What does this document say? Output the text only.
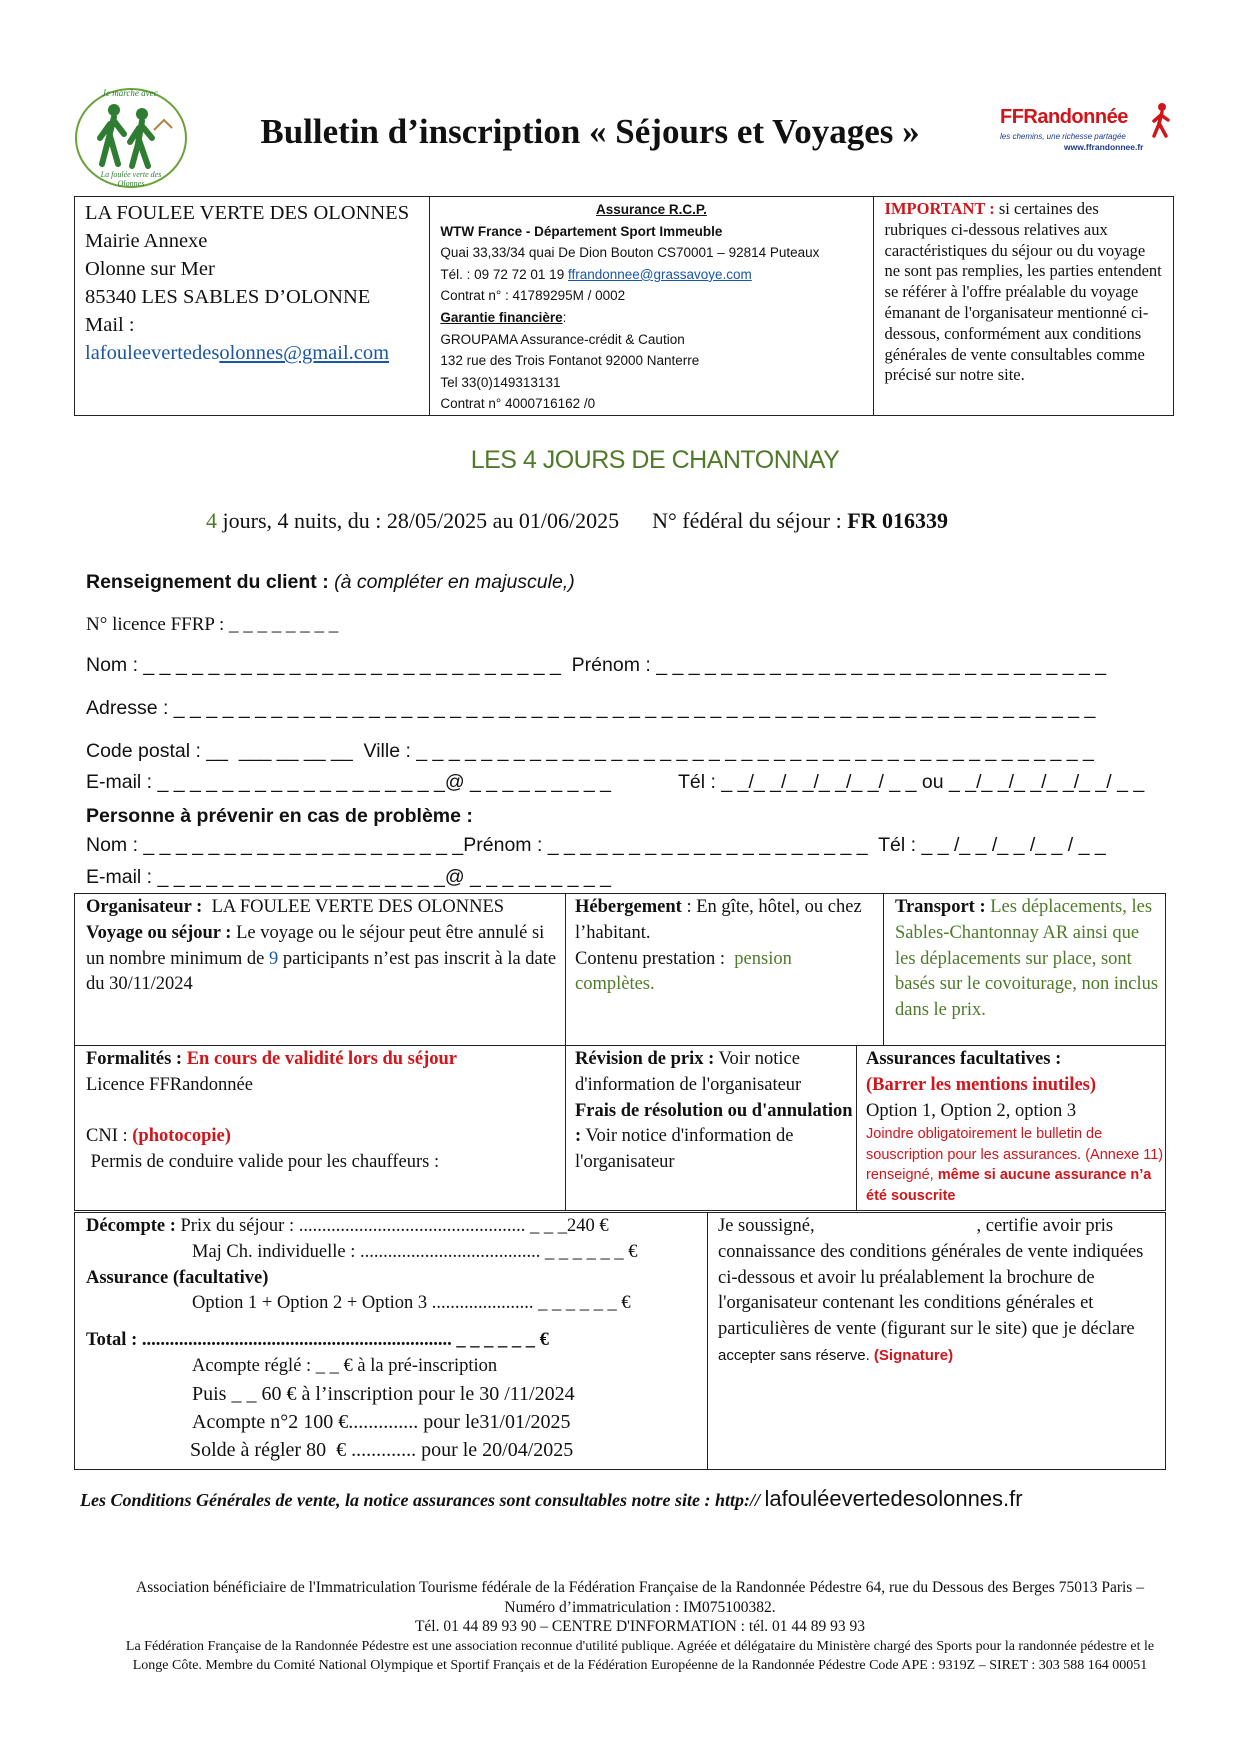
Je marche avec
La foulée verte des Olonnes
Bulletin d’inscription « Séjours et Voyages »	FFRandonnée
les chemins, une richesse partagée
www.ffrandonnee.fr
LA FOULEE VERTE DES OLONNES
Mairie Annexe
Olonne sur Mer
85340 LES SABLES D’OLONNE
Mail :
lafouleevertedesolonnes@gmail.com
Assurance R.C.P.
WTW France - Département Sport Immeuble
Quai 33,33/34 quai De Dion Bouton CS70001 – 92814 Puteaux
Tél. : 09 72 72 01 19 ffrandonnee@grassavoye.com
Contrat n° : 41789295M / 0002
Garantie financière:
GROUPAMA Assurance-crédit & Caution
132 rue des Trois Fontanot 92000 Nanterre
Tel 33(0)149313131
Contrat n° 4000716162 /0
IMPORTANT : si certaines des rubriques ci-dessous relatives aux caractéristiques du séjour ou du voyage ne sont pas remplies, les parties entendent se référer à l'offre préalable du voyage émanant de l'organisateur mentionné ci-dessous, conformément aux conditions générales de vente consultables comme précisé sur notre site.
LES 4 JOURS DE CHANTONNAY
4 jours, 4 nuits, du : 28/05/2025 au 01/06/2025      N° fédéral du séjour : FR 016339
Renseignement du client : (à compléter en majuscule,)
N° licence FFRP : _ _ _ _ _ _ _ _
Nom : _ _ _ _ _ _ _ _ _ _ _ _ _ _ _ _ _ _ _ _ _ _ _ _ _ _  Prénom : _ _ _ _ _ _ _ _ _ _ _ _ _ _ _ _ _ _ _ _ _ _ _ _ _ _ _ _
Adresse : _ _ _ _ _ _ _ _ _ _ _ _ _ _ _ _ _ _ _ _ _ _ _ _ _ _ _ _ _ _ _ _ _ _ _ _ _ _ _ _ _ _ _ _ _ _ _ _ _ _ _ _ _ _ _ _ _
Code postal : __  ___ __ __ __  Ville : _ _ _ _ _ _ _ _ _ _ _ _ _ _ _ _ _ _ _ _ _ _ _ _ _ _ _ _ _ _ _ _ _ _ _ _ _ _ _ _ _ _
E-mail : _ _ _ _ _ _ _ _ _ _ _ _ _ _ _ _ _ _@ _ _ _ _ _ _ _ _ _	Tél : _ _/_ _/_ _/_ _/_ _/ _ _ ou _ _/_ _/_ _/_ _/_ _/ _ _
Personne à prévenir en cas de problème :
Nom : _ _ _ _ _ _ _ _ _ _ _ _ _ _ _ _ _ _ _ _Prénom : _ _ _ _ _ _ _ _ _ _ _ _ _ _ _ _ _ _ _ _  Tél : _ _ /_ _ /_ _ /_ _ / _ _
E-mail : _ _ _ _ _ _ _ _ _ _ _ _ _ _ _ _ _ _@ _ _ _ _ _ _ _ _ _
Organisateur :  LA FOULEE VERTE DES OLONNES
Voyage ou séjour : Le voyage ou le séjour peut être annulé si un nombre minimum de 9 participants n’est pas inscrit à la date du 30/11/2024
Hébergement : En gîte, hôtel, ou chez l’habitant.
Contenu prestation :  pension complètes.
Transport : Les déplacements, les Sables-Chantonnay AR ainsi que les déplacements sur place, sont basés sur le covoiturage, non inclus dans le prix.
Formalités : En cours de validité lors du séjour
Licence FFRandonnée

CNI : (photocopie)
Permis de conduire valide pour les chauffeurs :
Révision de prix : Voir notice d'information de l'organisateur
Frais de résolution ou d'annulation : Voir notice d'information de l'organisateur
Assurances facultatives :
(Barrer les mentions inutiles)
Option 1, Option 2, option 3

Joindre obligatoirement le bulletin de souscription pour les assurances. (Annexe 11) renseigné, même si aucune assurance n’a été souscrite
Décompte : Prix du séjour : ................................................. _ _ _240 €
Maj Ch. individuelle : ....................................... _ _ _ _ _ _ €
Assurance (facultative)
Option 1 + Option 2 + Option 3 ...................... _ _ _ _ _ _ €
Total : ................................................................... _ _ _ _ _ _ €
Acompte réglé : _ _ € à la pré-inscription
Puis _ _ 60 € à l’inscription pour le 30 /11/2024
Acompte n°2 100 €.............. pour le31/01/2025
Solde à régler 80  € ............. pour le 20/04/2025
Je soussigné,                                   , certifie avoir pris connaissance des conditions générales de vente indiquées ci-dessous et avoir lu préalablement la brochure de l'organisateur contenant les conditions générales et particulières de vente (figurant sur le site) que je déclare accepter sans réserve. (Signature)
Les Conditions Générales de vente, la notice assurances sont consultables notre site : http:// lafouléevertedesolonnes.fr
Association bénéficiaire de l'Immatriculation Tourisme fédérale de la Fédération Française de la Randonnée Pédestre 64, rue du Dessous des Berges 75013 Paris – Numéro d’immatriculation : IM075100382.
Tél. 01 44 89 93 90 – CENTRE D'INFORMATION : tél. 01 44 89 93 93
La Fédération Française de la Randonnée Pédestre est une association reconnue d'utilité publique. Agréée et délégataire du Ministère chargé des Sports pour la randonnée pédestre et le Longe Côte. Membre du Comité National Olympique et Sportif Français et de la Fédération Européenne de la Randonnée Pédestre Code APE : 9319Z – SIRET : 303 588 164 00051
